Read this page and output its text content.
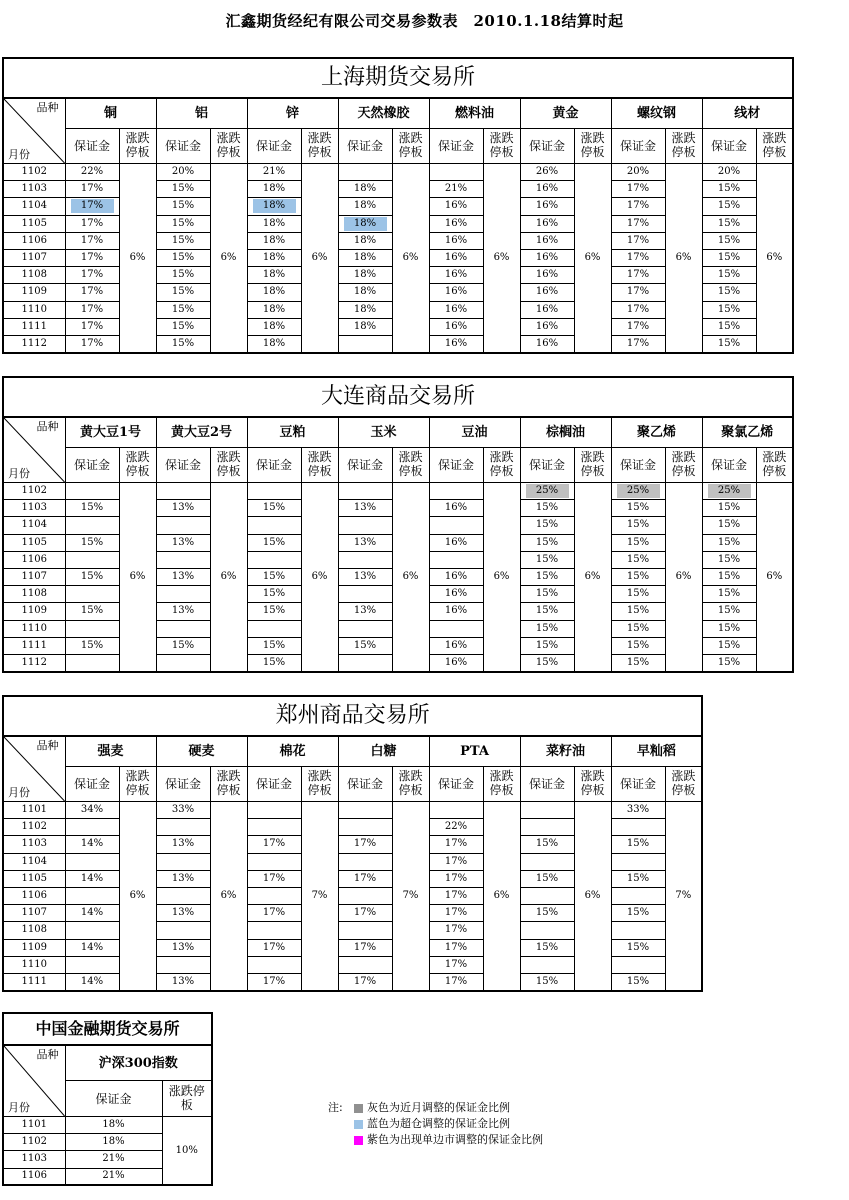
汇鑫期货经纪有限公司交易参数表　2010.1.18结算时起
上海期货交易所																

品种
月份	铜		铝		锌		天然橡胶		燃料油		黄金		螺纹钢		线材	
	保证金	涨跌停板	保证金	涨跌停板	保证金	涨跌停板	保证金	涨跌停板	保证金	涨跌停板	保证金	涨跌停板	保证金	涨跌停板	保证金	涨跌停板
1102	22%	6%	20%	6%	21%	6%		6%		6%	26%	6%	20%	6%	20%	6%
1103	17%		15%		18%		18%		21%		16%		17%		15%	

1104	17%		15%		18%		18%		16%		16%		17%		15%	

1105	17%		15%		18%		18%		16%		16%		17%		15%	

1106	17%		15%		18%		18%		16%		16%		17%		15%	

1107	17%		15%		18%		18%		16%		16%		17%		15%	

1108	17%		15%		18%		18%		16%		16%		17%		15%	

1109	17%		15%		18%		18%		16%		16%		17%		15%	

1110	17%		15%		18%		18%		16%		16%		17%		15%	

1111	17%		15%		18%		18%		16%		16%		17%		15%	

1112	17%		15%		18%				16%		16%		17%		15%	
大连商品交易所																

品种
月份	黄大豆1号		黄大豆2号		豆粕		玉米		豆油		棕榈油		聚乙烯		聚氯乙烯	
	保证金	涨跌停板	保证金	涨跌停板	保证金	涨跌停板	保证金	涨跌停板	保证金	涨跌停板	保证金	涨跌停板	保证金	涨跌停板	保证金	涨跌停板
1102		6%		6%		6%		6%		6%	25%	6%	25%	6%	25%	6%
1103	15%		13%		15%		13%		16%		15%		15%		15%	

1104											15%		15%		15%	

1105	15%		13%		15%		13%		16%		15%		15%		15%	

1106											15%		15%		15%	

1107	15%		13%		15%		13%		16%		15%		15%		15%	

1108					15%				16%		15%		15%		15%	

1109	15%		13%		15%		13%		16%		15%		15%		15%	

1110											15%		15%		15%	

1111	15%		15%		15%		15%		16%		15%		15%		15%	

1112					15%				16%		15%		15%		15%	
郑州商品交易所														

品种
月份	强麦		硬麦		棉花		白糖		PTA		菜籽油		早籼稻	
	保证金	涨跌停板	保证金	涨跌停板	保证金	涨跌停板	保证金	涨跌停板	保证金	涨跌停板	保证金	涨跌停板	保证金	涨跌停板
1101	34%	6%	33%	6%		7%		7%		6%		6%	33%	7%
1102									22%					

1103	14%		13%		17%		17%		17%		15%		15%	

1104									17%					

1105	14%		13%		17%		17%		17%		15%		15%	

1106									17%					

1107	14%		13%		17%		17%		17%		15%		15%	

1108									17%					

1109	14%		13%		17%		17%		17%		15%		15%	

1110									17%					

1111	14%		13%		17%		17%		17%		15%		15%	
中国金融期货交易所		

品种
月份	沪深300指数	
	保证金	涨跌停板
1101	18%	10%
1102	18%	

1103	21%	

1106	21%	
注:	灰色为近月调整的保证金比例
蓝色为超仓调整的保证金比例
紫色为出现单边市调整的保证金比例
